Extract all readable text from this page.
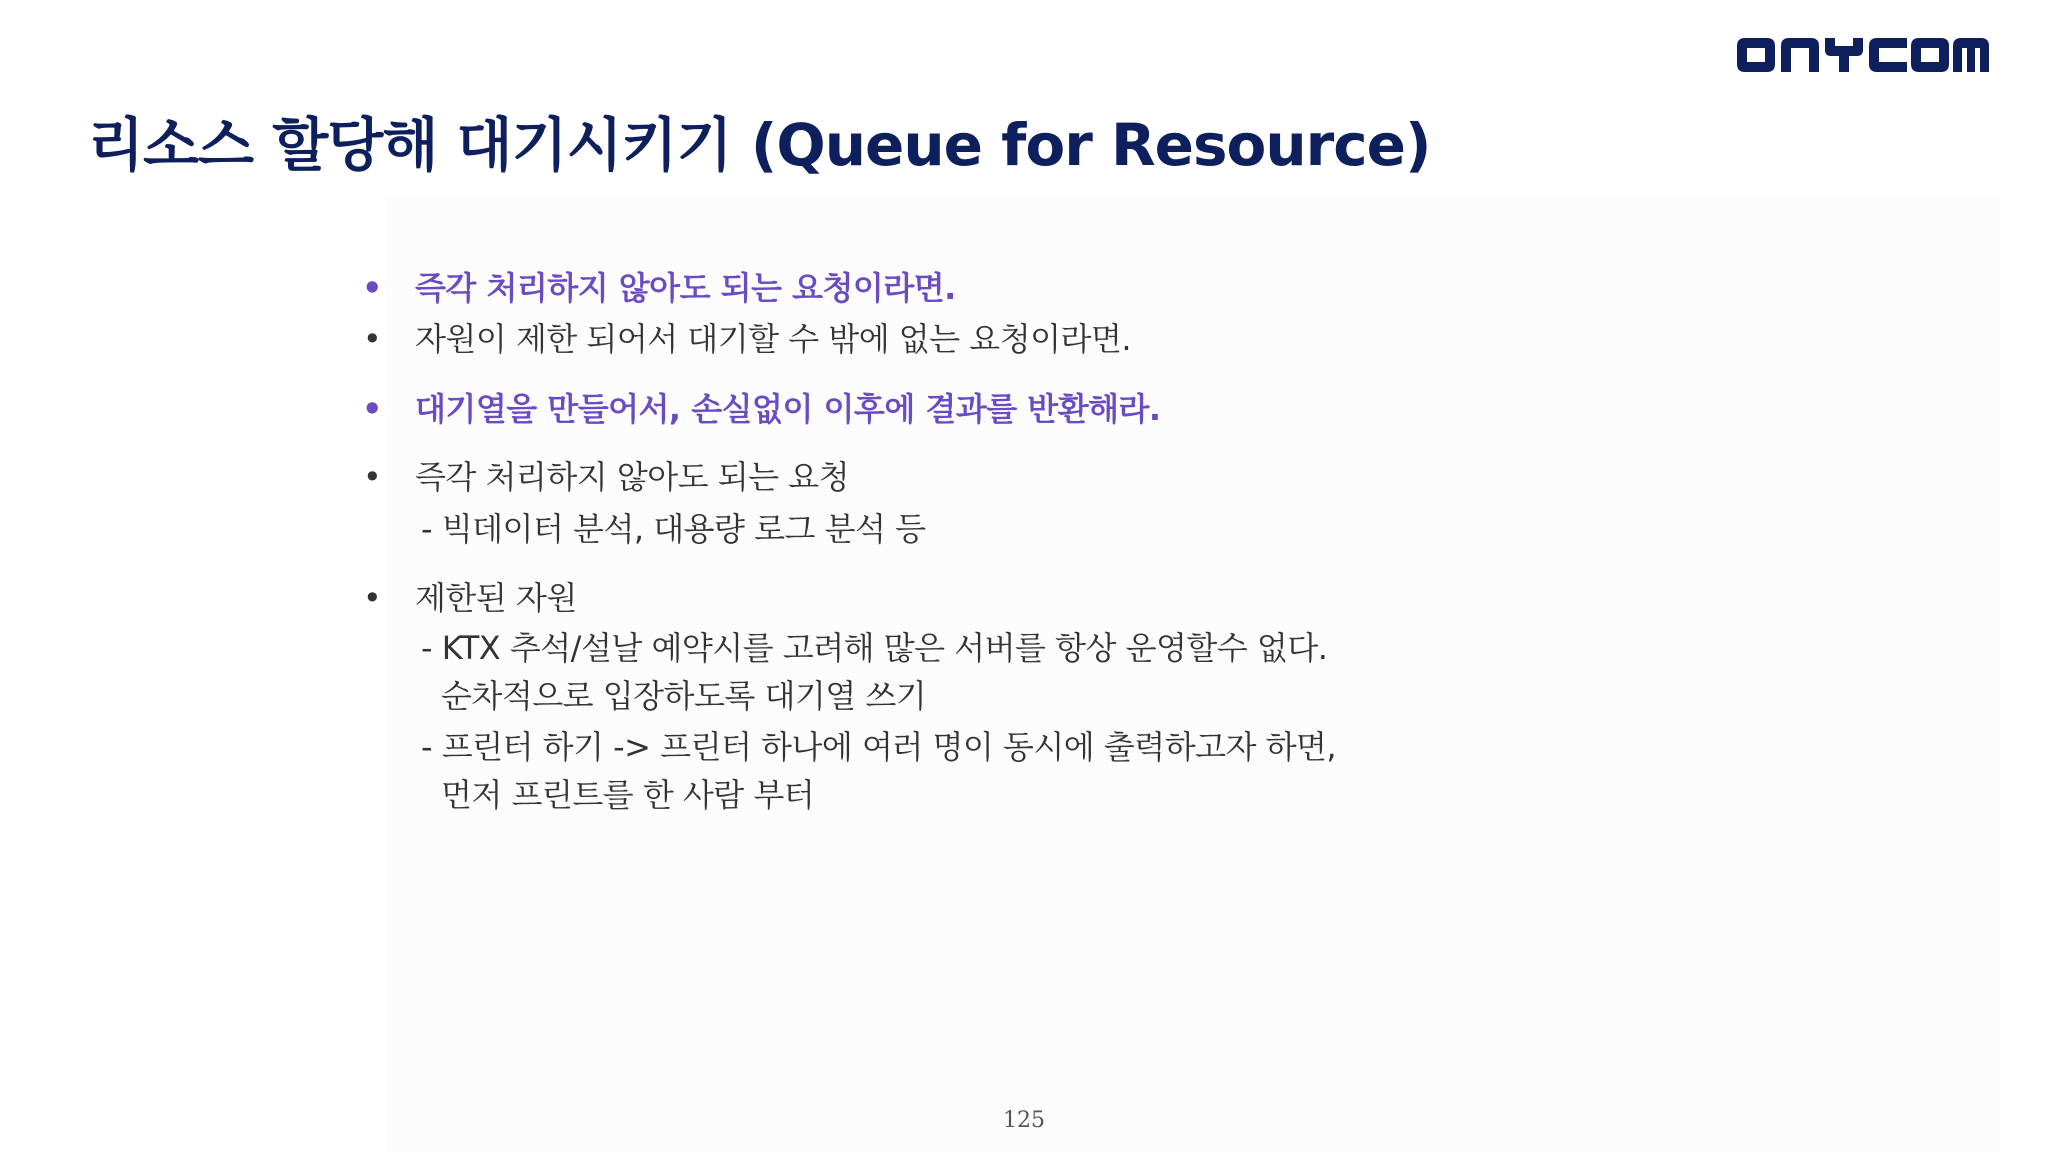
리소스 할당해 대기시키기 (Queue for Resource)
• 즉각 처리하지 않아도 되는 요청이라면.
• 자원이 제한 되어서 대기할 수 밖에 없는 요청이라면.
• 대기열을 만들어서, 손실없이 이후에 결과를 반환해라.
• 즉각 처리하지 않아도 되는 요청
- 빅데이터 분석, 대용량 로그 분석 등
• 제한된 자원
- KTX 추석/설날 예약시를 고려해 많은 서버를 항상 운영할수 없다.
순차적으로 입장하도록 대기열 쓰기
- 프린터 하기 -> 프린터 하나에 여러 명이 동시에 출력하고자 하면,
먼저 프린트를 한 사람 부터
125
